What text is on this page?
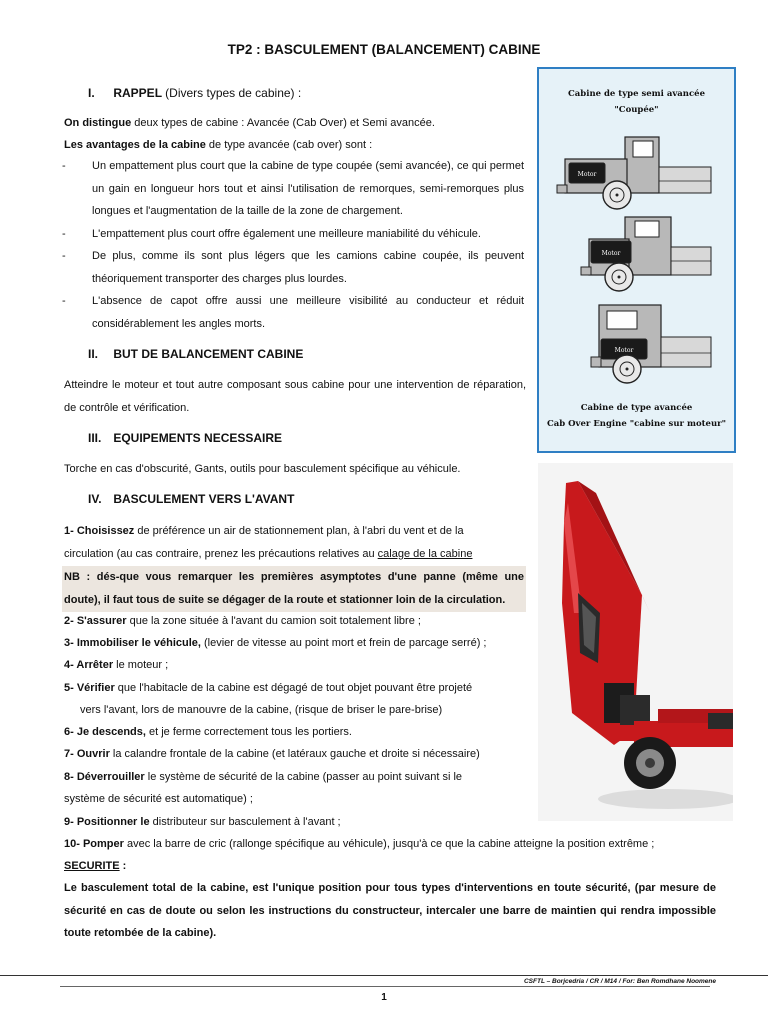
TP2 : BASCULEMENT (BALANCEMENT) CABINE
I. RAPPEL (Divers types de cabine) :
On distingue deux types de cabine : Avancée (Cab Over) et Semi avancée.
Les avantages de la cabine de type avancée (cab over) sont :
- Un empattement plus court que la cabine de type coupée (semi avancée), ce qui permet un gain en longueur hors tout et ainsi l'utilisation de remorques, semi-remorques plus longues et l'augmentation de la taille de la zone de chargement.
- L'empattement plus court offre également une meilleure maniabilité du véhicule.
- De plus, comme ils sont plus légers que les camions cabine coupée, ils peuvent théoriquement transporter des charges plus lourdes.
- L'absence de capot offre aussi une meilleure visibilité au conducteur et réduit considérablement les angles morts.
II. BUT DE BALANCEMENT CABINE
Atteindre le moteur et tout autre composant sous cabine pour une intervention de réparation, de contrôle et vérification.
III. EQUIPEMENTS NECESSAIRE
Torche en cas d'obscurité, Gants, outils pour basculement spécifique au véhicule.
IV. BASCULEMENT VERS L'AVANT
1- Choisissez de préférence un air de stationnement plan, à l'abri du vent et de la
circulation (au cas contraire, prenez les précautions relatives au calage de la cabine
NB : dés-que vous remarquer les premières asymptotes d'une panne (même une
doute), il faut tous de suite se dégager de la route et stationner loin de la circulation.
2- S'assurer que la zone située à l'avant du camion soit totalement libre ;
3- Immobiliser le véhicule, (levier de vitesse au point mort et frein de parcage serré) ;
4- Arrêter le moteur ;
5- Vérifier que l'habitacle de la cabine est dégagé de tout objet pouvant être projeté
vers l'avant, lors de manouvre de la cabine, (risque de briser le pare-brise)
6- Je descends, et je ferme correctement tous les portiers.
7- Ouvrir la calandre frontale de la cabine (et latéraux gauche et droite si nécessaire)
8- Déverrouiller le système de sécurité de la cabine (passer au point suivant si le
système de sécurité est automatique) ;
9- Positionner le distributeur sur basculement à l'avant ;
10- Pomper avec la barre de cric (rallonge spécifique au véhicule), jusqu'à ce que la cabine atteigne la position extrême ;
SECURITE :
Le basculement total de la cabine, est l'unique position pour tous types d'interventions en toute sécurité, (par mesure de sécurité en cas de doute ou selon les instructions du constructeur, intercaler une barre de maintien qui rendra impossible toute retombée de la cabine).
Cabine de type semi avancée
"Coupée"
Motor
Motor
Motor
Cabine de type avancée
Cab Over Engine "cabine sur moteur"
CSFTL – Borjcedria / CR / M14 / For: Ben Romdhane Noomene
1
